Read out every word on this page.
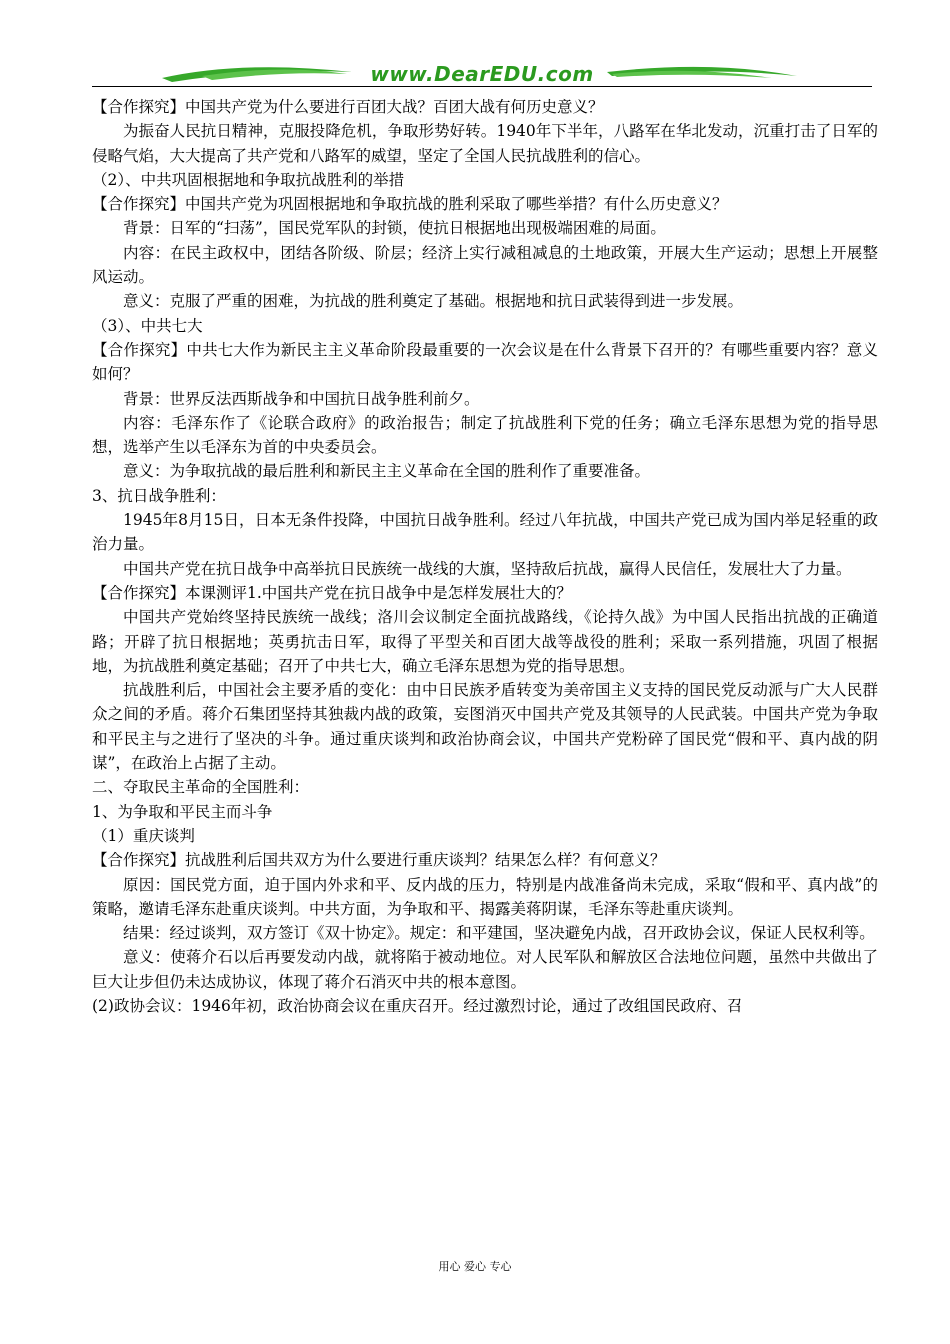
www.DearEDU.com

【合作探究】中国共产党为什么要进行百团大战？百团大战有何历史意义？

为振奋人民抗日精神，克服投降危机，争取形势好转。1940年下半年，八路军在华北发动，沉重打击了日军的侵略气焰，大大提高了共产党和八路军的威望，坚定了全国人民抗战胜利的信心。

（2）、中共巩固根据地和争取抗战胜利的举措

【合作探究】中国共产党为巩固根据地和争取抗战的胜利采取了哪些举措？有什么历史意义？

背景：日军的“扫荡”，国民党军队的封锁，使抗日根据地出现极端困难的局面。

内容：在民主政权中，团结各阶级、阶层；经济上实行减租减息的土地政策，开展大生产运动；思想上开展整风运动。

意义：克服了严重的困难，为抗战的胜利奠定了基础。根据地和抗日武装得到进一步发展。

（3）、中共七大

【合作探究】中共七大作为新民主主义革命阶段最重要的一次会议是在什么背景下召开的？有哪些重要内容？意义如何？

背景：世界反法西斯战争和中国抗日战争胜利前夕。

内容：毛泽东作了《论联合政府》的政治报告；制定了抗战胜利下党的任务；确立毛泽东思想为党的指导思想，选举产生以毛泽东为首的中央委员会。

意义：为争取抗战的最后胜利和新民主主义革命在全国的胜利作了重要准备。

3、抗日战争胜利：

1945年8月15日，日本无条件投降，中国抗日战争胜利。经过八年抗战，中国共产党已成为国内举足轻重的政治力量。

中国共产党在抗日战争中高举抗日民族统一战线的大旗，坚持敌后抗战，赢得人民信任，发展壮大了力量。

【合作探究】本课测评1.中国共产党在抗日战争中是怎样发展壮大的？

中国共产党始终坚持民族统一战线；洛川会议制定全面抗战路线，《论持久战》为中国人民指出抗战的正确道路；开辟了抗日根据地；英勇抗击日军，取得了平型关和百团大战等战役的胜利；采取一系列措施，巩固了根据地，为抗战胜利奠定基础；召开了中共七大，确立毛泽东思想为党的指导思想。

抗战胜利后，中国社会主要矛盾的变化：由中日民族矛盾转变为美帝国主义支持的国民党反动派与广大人民群众之间的矛盾。蒋介石集团坚持其独裁内战的政策，妄图消灭中国共产党及其领导的人民武装。中国共产党为争取和平民主与之进行了坚决的斗争。通过重庆谈判和政治协商会议，中国共产党粉碎了国民党“假和平、真内战的阴谋”，在政治上占据了主动。

二、夺取民主革命的全国胜利：

1、为争取和平民主而斗争

（1）重庆谈判

【合作探究】抗战胜利后国共双方为什么要进行重庆谈判？结果怎么样？有何意义？

原因：国民党方面，迫于国内外求和平、反内战的压力，特别是内战准备尚未完成，采取“假和平、真内战”的策略，邀请毛泽东赴重庆谈判。中共方面，为争取和平、揭露美蒋阴谋，毛泽东等赴重庆谈判。

结果：经过谈判，双方签订《双十协定》。规定：和平建国，坚决避免内战，召开政协会议，保证人民权利等。

意义：使蒋介石以后再要发动内战，就将陷于被动地位。对人民军队和解放区合法地位问题，虽然中共做出了巨大让步但仍未达成协议，体现了蒋介石消灭中共的根本意图。

(2)政协会议：1946年初，政治协商会议在重庆召开。经过激烈讨论，通过了改组国民政府、召

用心 爱心 专心
